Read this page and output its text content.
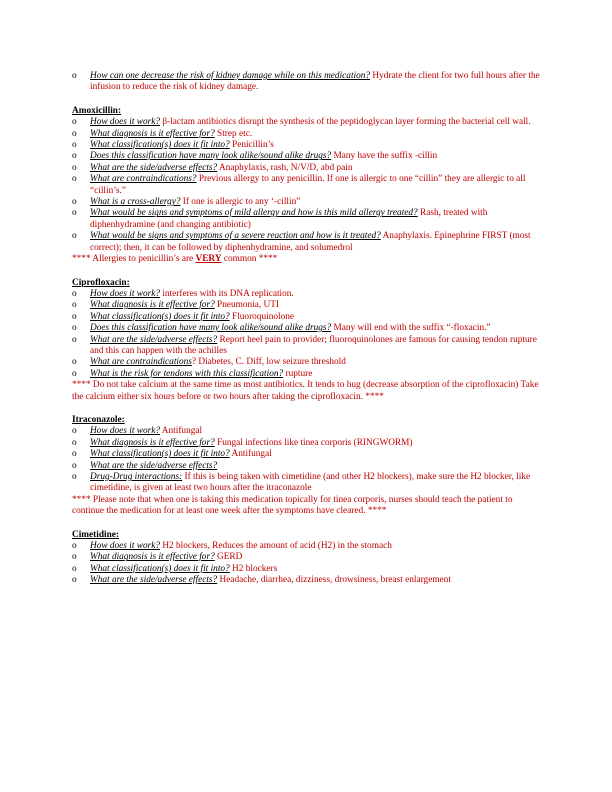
o	How can one decrease the risk of kidney damage while on this medication? Hydrate the client for two full hours after the infusion to reduce the risk of kidney damage.

Amoxicillin:

o	How does it work? β-lactam antibiotics disrupt the synthesis of the peptidoglycan layer forming the bacterial cell wall.

o	What diagnosis is it effective for? Strep etc.

o	What classification(s) does it fit into? Penicillin’s

o	Does this classification have many look alike/sound alike drugs? Many have the suffix -cillin

o	What are the side/adverse effects? Anaphylaxis, rash, N/V/D, abd pain

o	What are contraindications? Previous allergy to any penicillin. If one is allergic to one “cillin” they are allergic to all “cillin’s.”

o	What is a cross-allergy? If one is allergic to any ‘-cillin”

o	What would be signs and symptoms of mild allergy and how is this mild allergy treated? Rash, treated with diphenhydramine (and changing antibiotic)

o	What would be signs and symptoms of a severe reaction and how is it treated? Anaphylaxis. Epinephrine FIRST (most correct); then, it can be followed by diphenhydramine, and solumedrol

**** Allergies to penicillin’s are VERY common ****

Ciprofloxacin:

o	How does it work? interferes with its DNA replication.

o	What diagnosis is it effective for? Pneumonia, UTI

o	What classification(s) does it fit into? Fluoroquinolone

o	Does this classification have many look alike/sound alike drugs? Many will end with the suffix “-floxacin.”

o	What are the side/adverse effects? Report heel pain to provider; fluoroquinolones are famous for causing tendon rupture and this can happen with the achilles

o	What are contraindications? Diabetes, C. Diff, low seizure threshold

o	What is the risk for tendons with this classification? rupture

**** Do not take calcium at the same time as most antibiotics. It tends to hug (decrease absorption of the ciprofloxacin) Take the calcium either six hours before or two hours after taking the ciprofloxacin. ****

Itraconazole:

o	How does it work? Antifungal

o	What diagnosis is it effective for? Fungal infections like tinea corporis (RINGWORM)

o	What classification(s) does it fit into? Antifungal

o	What are the side/adverse effects?

o	Drug-Drug interactions: If this is being taken with cimetidine (and other H2 blockers), make sure the H2 blocker, like cimetidine, is given at least two hours after the itraconazole

**** Please note that when one is taking this medication topically for tinea corporis, nurses should teach the patient to continue the medication for at least one week after the symptoms have cleared. ****

Cimetidine:

o	How does it work? H2 blockers, Reduces the amount of acid (H2) in the stomach

o	What diagnosis is it effective for? GERD

o	What classification(s) does it fit into? H2 blockers

o	What are the side/adverse effects? Headache, diarrhea, dizziness, drowsiness, breast enlargement
